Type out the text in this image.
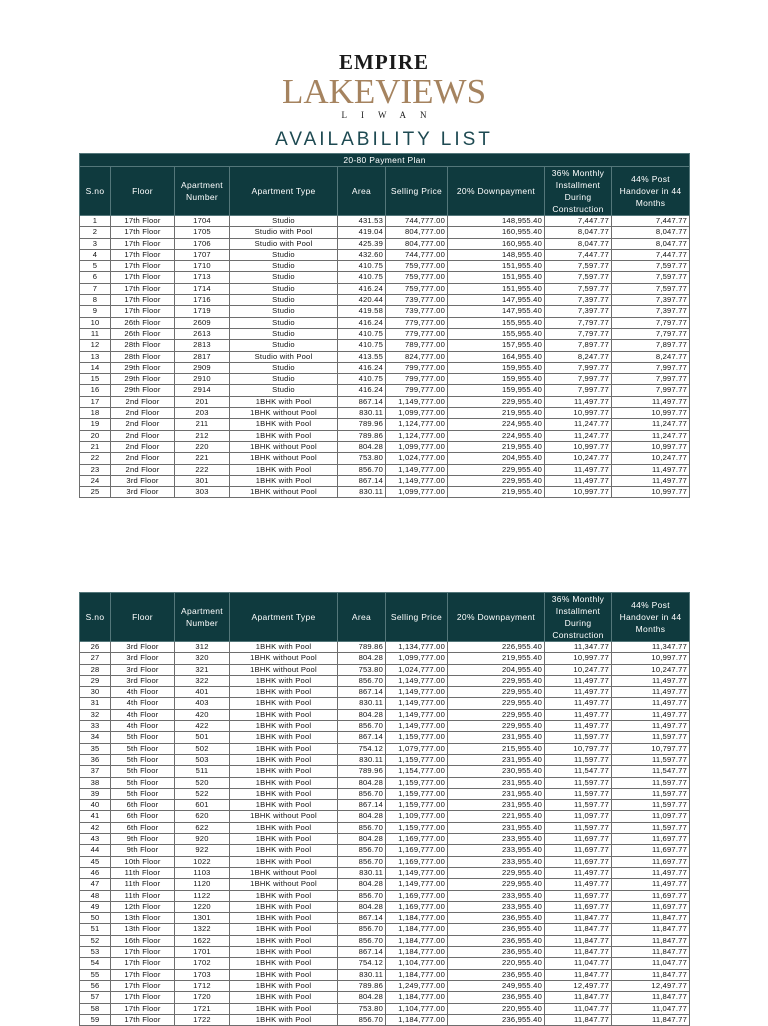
EMPIRE
LAKEVIEWS
LIWAN
AVAILABILITY LIST
20-80 Payment Plan								
S.no	Floor	Apartment Number	Apartment Type	Area	Selling Price	20% Downpayment	36% Monthly Installment During Construction	44% Post Handover in 44 Months
1	17th Floor	1704	Studio	431.53	744,777.00	148,955.40	7,447.77	7,447.77
2	17th Floor	1705	Studio with Pool	419.04	804,777.00	160,955.40	8,047.77	8,047.77
3	17th Floor	1706	Studio with Pool	425.39	804,777.00	160,955.40	8,047.77	8,047.77
4	17th Floor	1707	Studio	432.60	744,777.00	148,955.40	7,447.77	7,447.77
5	17th Floor	1710	Studio	410.75	759,777.00	151,955.40	7,597.77	7,597.77
6	17th Floor	1713	Studio	410.75	759,777.00	151,955.40	7,597.77	7,597.77
7	17th Floor	1714	Studio	416.24	759,777.00	151,955.40	7,597.77	7,597.77
8	17th Floor	1716	Studio	420.44	739,777.00	147,955.40	7,397.77	7,397.77
9	17th Floor	1719	Studio	419.58	739,777.00	147,955.40	7,397.77	7,397.77
10	26th Floor	2609	Studio	416.24	779,777.00	155,955.40	7,797.77	7,797.77
11	26th Floor	2613	Studio	410.75	779,777.00	155,955.40	7,797.77	7,797.77
12	28th Floor	2813	Studio	410.75	789,777.00	157,955.40	7,897.77	7,897.77
13	28th Floor	2817	Studio with Pool	413.55	824,777.00	164,955.40	8,247.77	8,247.77
14	29th Floor	2909	Studio	416.24	799,777.00	159,955.40	7,997.77	7,997.77
15	29th Floor	2910	Studio	410.75	799,777.00	159,955.40	7,997.77	7,997.77
16	29th Floor	2914	Studio	416.24	799,777.00	159,955.40	7,997.77	7,997.77
17	2nd Floor	201	1BHK with Pool	867.14	1,149,777.00	229,955.40	11,497.77	11,497.77
18	2nd Floor	203	1BHK without Pool	830.11	1,099,777.00	219,955.40	10,997.77	10,997.77
19	2nd Floor	211	1BHK with Pool	789.96	1,124,777.00	224,955.40	11,247.77	11,247.77
20	2nd Floor	212	1BHK with Pool	789.86	1,124,777.00	224,955.40	11,247.77	11,247.77
21	2nd Floor	220	1BHK without Pool	804.28	1,099,777.00	219,955.40	10,997.77	10,997.77
22	2nd Floor	221	1BHK without Pool	753.80	1,024,777.00	204,955.40	10,247.77	10,247.77
23	2nd Floor	222	1BHK with Pool	856.70	1,149,777.00	229,955.40	11,497.77	11,497.77
24	3rd Floor	301	1BHK with Pool	867.14	1,149,777.00	229,955.40	11,497.77	11,497.77
25	3rd Floor	303	1BHK without Pool	830.11	1,099,777.00	219,955.40	10,997.77	10,997.77
S.no	Floor	Apartment Number	Apartment Type	Area	Selling Price	20% Downpayment	36% Monthly Installment During Construction	44% Post Handover in 44 Months
26	3rd Floor	312	1BHK with Pool	789.86	1,134,777.00	226,955.40	11,347.77	11,347.77
27	3rd Floor	320	1BHK without Pool	804.28	1,099,777.00	219,955.40	10,997.77	10,997.77
28	3rd Floor	321	1BHK without Pool	753.80	1,024,777.00	204,955.40	10,247.77	10,247.77
29	3rd Floor	322	1BHK with Pool	856.70	1,149,777.00	229,955.40	11,497.77	11,497.77
30	4th Floor	401	1BHK with Pool	867.14	1,149,777.00	229,955.40	11,497.77	11,497.77
31	4th Floor	403	1BHK with Pool	830.11	1,149,777.00	229,955.40	11,497.77	11,497.77
32	4th Floor	420	1BHK with Pool	804.28	1,149,777.00	229,955.40	11,497.77	11,497.77
33	4th Floor	422	1BHK with Pool	856.70	1,149,777.00	229,955.40	11,497.77	11,497.77
34	5th Floor	501	1BHK with Pool	867.14	1,159,777.00	231,955.40	11,597.77	11,597.77
35	5th Floor	502	1BHK with Pool	754.12	1,079,777.00	215,955.40	10,797.77	10,797.77
36	5th Floor	503	1BHK with Pool	830.11	1,159,777.00	231,955.40	11,597.77	11,597.77
37	5th Floor	511	1BHK with Pool	789.96	1,154,777.00	230,955.40	11,547.77	11,547.77
38	5th Floor	520	1BHK with Pool	804.28	1,159,777.00	231,955.40	11,597.77	11,597.77
39	5th Floor	522	1BHK with Pool	856.70	1,159,777.00	231,955.40	11,597.77	11,597.77
40	6th Floor	601	1BHK with Pool	867.14	1,159,777.00	231,955.40	11,597.77	11,597.77
41	6th Floor	620	1BHK without Pool	804.28	1,109,777.00	221,955.40	11,097.77	11,097.77
42	6th Floor	622	1BHK with Pool	856.70	1,159,777.00	231,955.40	11,597.77	11,597.77
43	9th Floor	920	1BHK with Pool	804.28	1,169,777.00	233,955.40	11,697.77	11,697.77
44	9th Floor	922	1BHK with Pool	856.70	1,169,777.00	233,955.40	11,697.77	11,697.77
45	10th Floor	1022	1BHK with Pool	856.70	1,169,777.00	233,955.40	11,697.77	11,697.77
46	11th Floor	1103	1BHK without Pool	830.11	1,149,777.00	229,955.40	11,497.77	11,497.77
47	11th Floor	1120	1BHK without Pool	804.28	1,149,777.00	229,955.40	11,497.77	11,497.77
48	11th Floor	1122	1BHK with Pool	856.70	1,169,777.00	233,955.40	11,697.77	11,697.77
49	12th Floor	1220	1BHK with Pool	804.28	1,169,777.00	233,955.40	11,697.77	11,697.77
50	13th Floor	1301	1BHK with Pool	867.14	1,184,777.00	236,955.40	11,847.77	11,847.77
51	13th Floor	1322	1BHK with Pool	856.70	1,184,777.00	236,955.40	11,847.77	11,847.77
52	16th Floor	1622	1BHK with Pool	856.70	1,184,777.00	236,955.40	11,847.77	11,847.77
53	17th Floor	1701	1BHK with Pool	867.14	1,184,777.00	236,955.40	11,847.77	11,847.77
54	17th Floor	1702	1BHK with Pool	754.12	1,104,777.00	220,955.40	11,047.77	11,047.77
55	17th Floor	1703	1BHK with Pool	830.11	1,184,777.00	236,955.40	11,847.77	11,847.77
56	17th Floor	1712	1BHK with Pool	789.86	1,249,777.00	249,955.40	12,497.77	12,497.77
57	17th Floor	1720	1BHK with Pool	804.28	1,184,777.00	236,955.40	11,847.77	11,847.77
58	17th Floor	1721	1BHK with Pool	753.80	1,104,777.00	220,955.40	11,047.77	11,047.77
59	17th Floor	1722	1BHK with Pool	856.70	1,184,777.00	236,955.40	11,847.77	11,847.77
